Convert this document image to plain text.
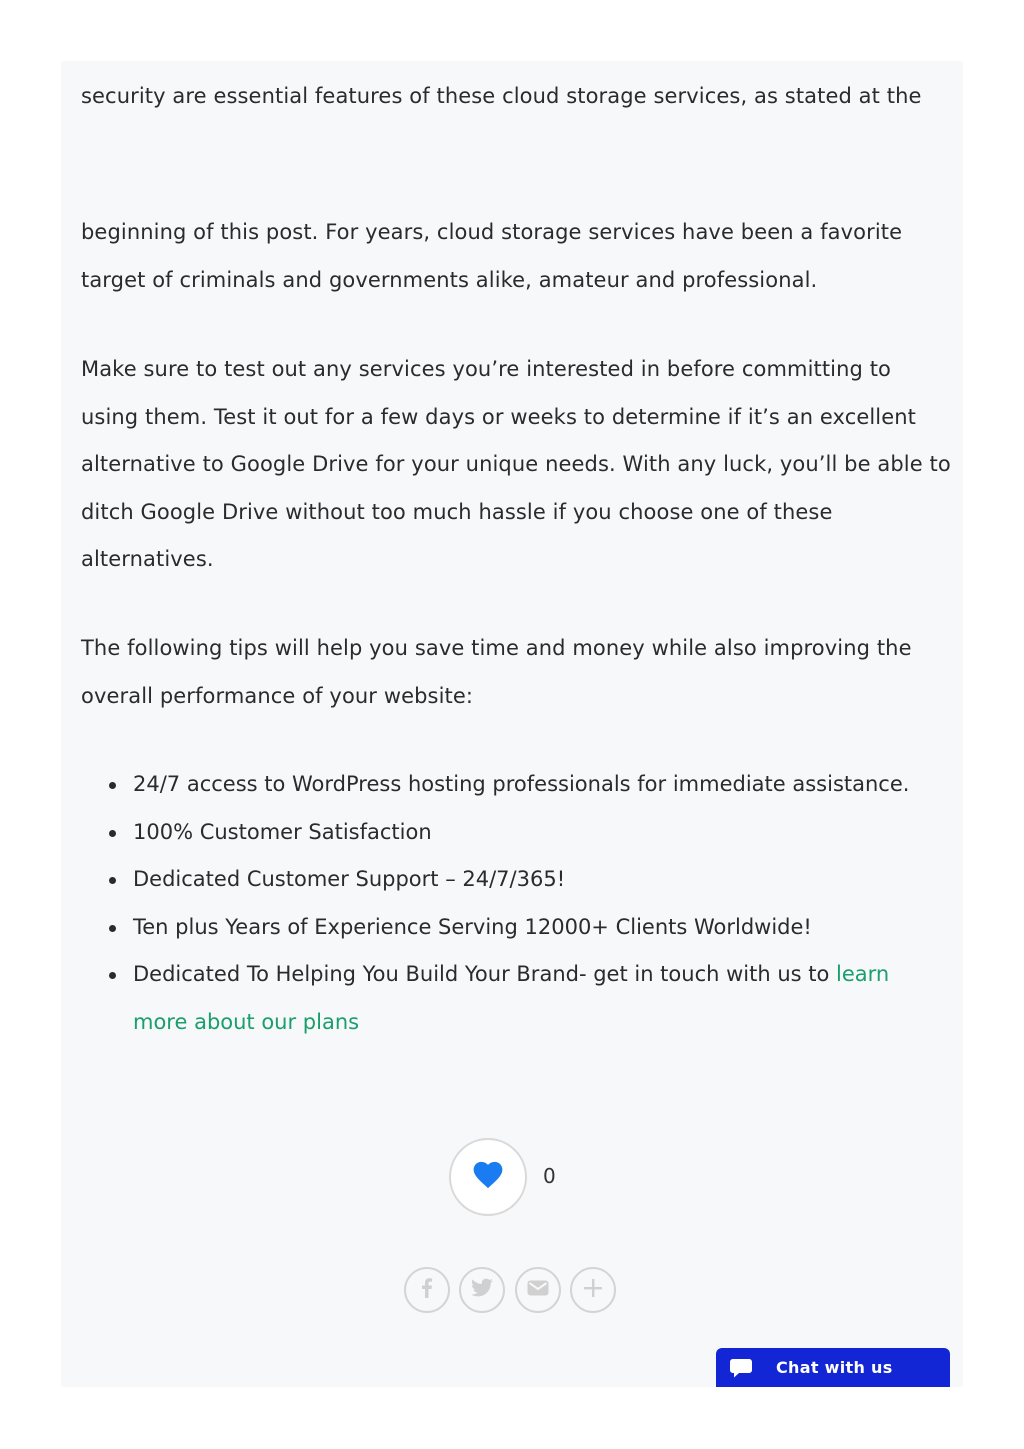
security are essential features of these cloud storage services, as stated at the

beginning of this post. For years, cloud storage services have been a favorite target of criminals and governments alike, amateur and professional.

Make sure to test out any services you’re interested in before committing to using them. Test it out for a few days or weeks to determine if it’s an excellent alternative to Google Drive for your unique needs. With any luck, you’ll be able to ditch Google Drive without too much hassle if you choose one of these alternatives.

The following tips will help you save time and money while also improving the overall performance of your website:

24/7 access to WordPress hosting professionals for immediate assistance.
100% Customer Satisfaction
Dedicated Customer Support – 24/7/365!
Ten plus Years of Experience Serving 12000+ Clients Worldwide!
Dedicated To Helping You Build Your Brand- get in touch with us to learn more about our plans
0
Chat with us
